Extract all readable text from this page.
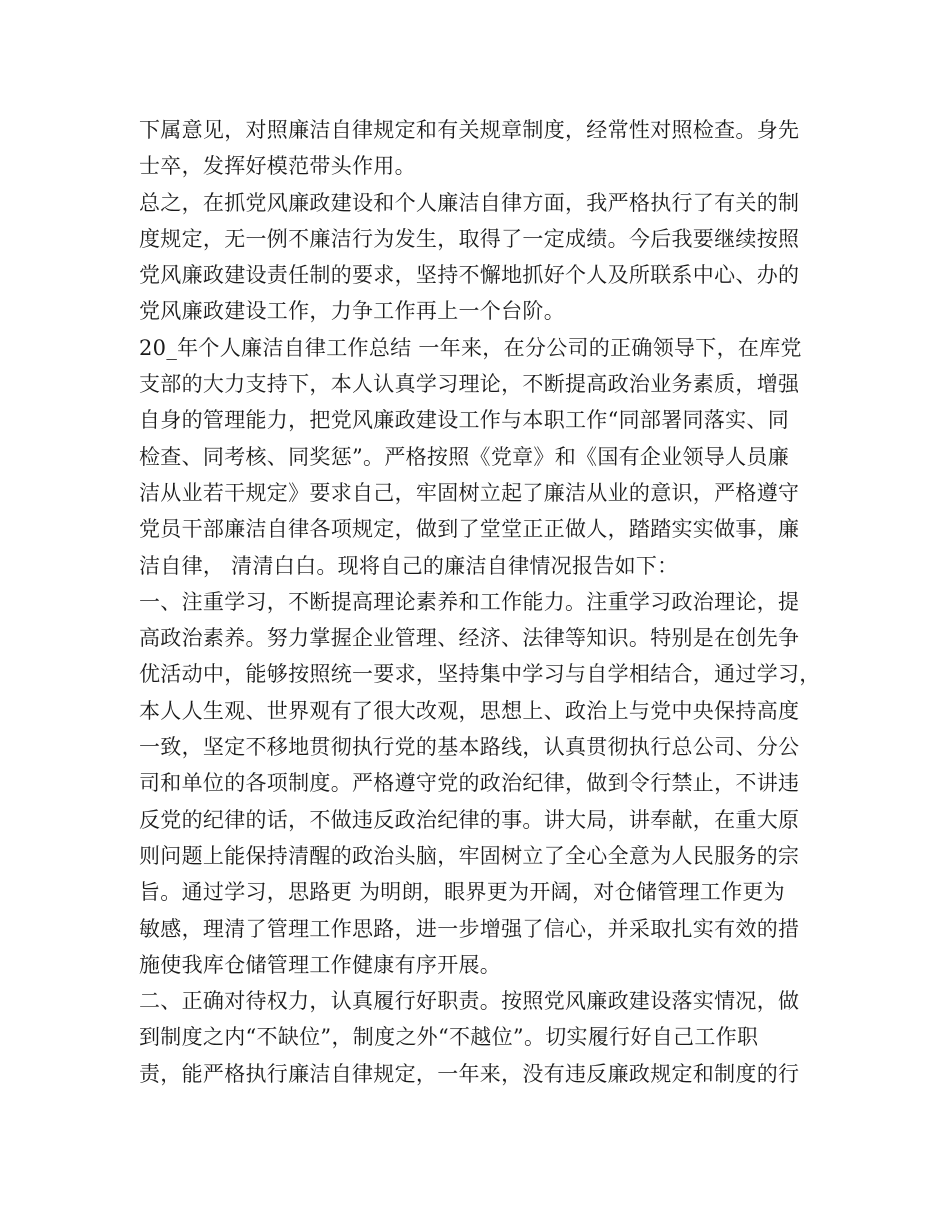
下属意见，对照廉洁自律规定和有关规章制度，经常性对照检查。身先
士卒，发挥好模范带头作用。
总之，在抓党风廉政建设和个人廉洁自律方面，我严格执行了有关的制
度规定，无一例不廉洁行为发生，取得了一定成绩。今后我要继续按照
党风廉政建设责任制的要求，坚持不懈地抓好个人及所联系中心、办的
党风廉政建设工作，力争工作再上一个台阶。
20_年个人廉洁自律工作总结 一年来，在分公司的正确领导下，在库党
支部的大力支持下，本人认真学习理论，不断提高政治业务素质，增强
自身的管理能力，把党风廉政建设工作与本职工作“同部署同落实、同
检查、同考核、同奖惩”。严格按照《党章》和《国有企业领导人员廉
洁从业若干规定》要求自己，牢固树立起了廉洁从业的意识，严格遵守
党员干部廉洁自律各项规定，做到了堂堂正正做人，踏踏实实做事，廉
洁自律， 清清白白。现将自己的廉洁自律情况报告如下：
一、注重学习，不断提高理论素养和工作能力。注重学习政治理论，提
高政治素养。努力掌握企业管理、经济、法律等知识。特别是在创先争
优活动中，能够按照统一要求，坚持集中学习与自学相结合，通过学习，
本人人生观、世界观有了很大改观，思想上、政治上与党中央保持高度
一致，坚定不移地贯彻执行党的基本路线，认真贯彻执行总公司、分公
司和单位的各项制度。严格遵守党的政治纪律，做到令行禁止，不讲违
反党的纪律的话，不做违反政治纪律的事。讲大局，讲奉献，在重大原
则问题上能保持清醒的政治头脑，牢固树立了全心全意为人民服务的宗
旨。通过学习，思路更 为明朗，眼界更为开阔，对仓储管理工作更为
敏感，理清了管理工作思路，进一步增强了信心，并采取扎实有效的措
施使我库仓储管理工作健康有序开展。
二、正确对待权力，认真履行好职责。按照党风廉政建设落实情况，做
到制度之内“不缺位”，制度之外“不越位”。切实履行好自己工作职
责，能严格执行廉洁自律规定，一年来，没有违反廉政规定和制度的行
